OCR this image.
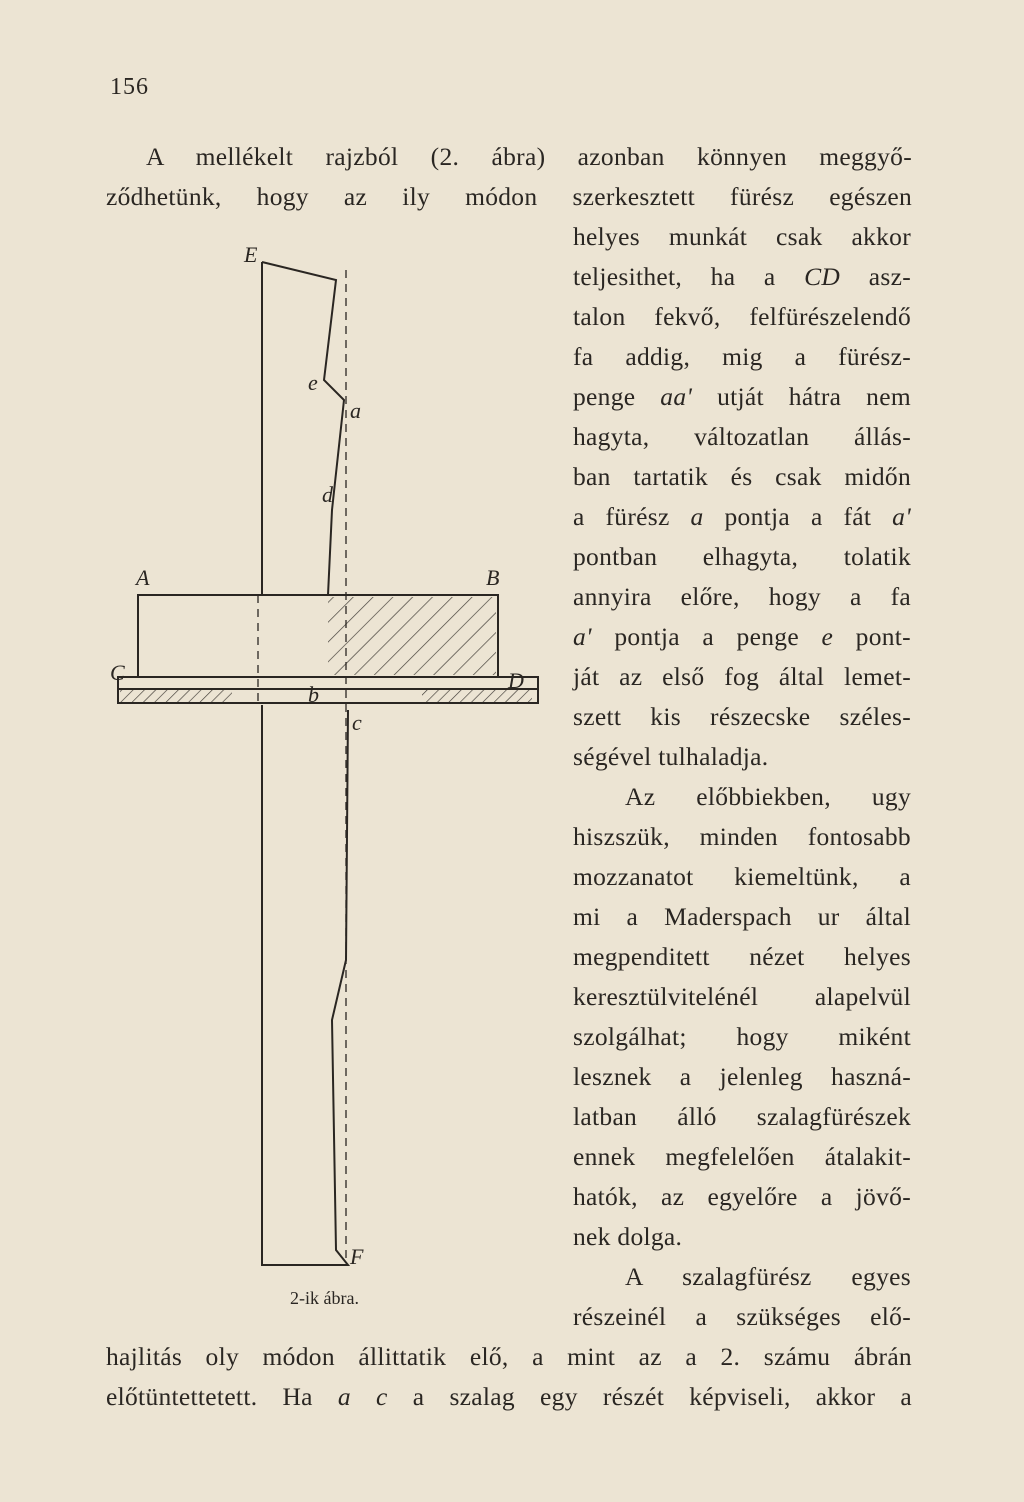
156
A mellékelt rajzból (2. ábra) azonban könnyen meggyő-
ződhetünk, hogy az ily módon szerkesztett fürész egészen
helyes munkát csak akkor
teljesithet, ha a CD asz-
talon fekvő, felfürészelendő
fa addig, mig a fürész-
penge aa' utját hátra nem
hagyta, változatlan állás-
ban tartatik és csak midőn
a fürész a pontja a fát a'
pontban elhagyta, tolatik
annyira előre, hogy a fa
a' pontja a penge e pont-
ját az első fog által lemet-
szett kis részecske széles-
ségével tulhaladja.
Az előbbiekben, ugy
hiszszük, minden fontosabb
mozzanatot kiemeltünk, a
mi a Maderspach ur által
megpenditett nézet helyes
keresztülvitelénél alapelvül
szolgálhat; hogy miként
lesznek a jelenleg haszná-
latban álló szalagfürészek
ennek megfelelően átalakit-
hatók, az egyelőre a jövő-
nek dolga.
A szalagfürész egyes
részeinél a szükséges elő-
hajlitás oly módon állittatik elő, a mint az a 2. számu ábrán
előtüntettetett. Ha a c a szalag egy részét képviseli, akkor a
E
e
a
d
A	B
C	D
b
c
F
2-ik ábra.
